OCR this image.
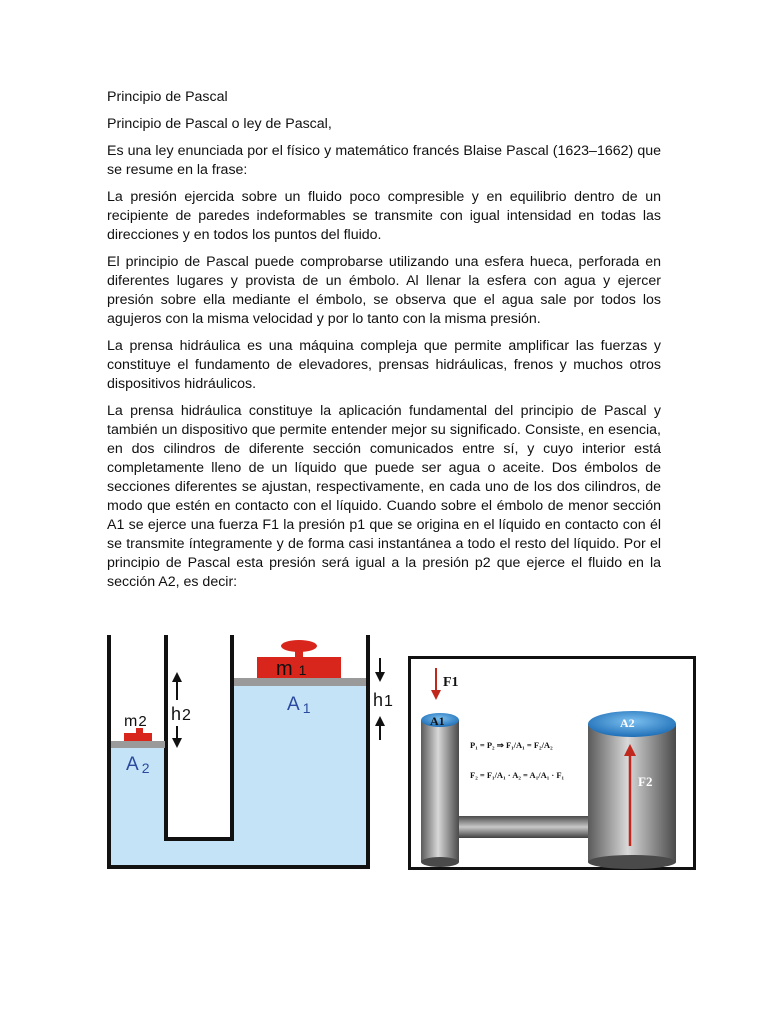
Principio de Pascal

Principio de Pascal o ley de Pascal,

Es una ley enunciada por el físico y matemático francés Blaise Pascal (1623–1662) que se resume en la frase:

La presión ejercida sobre un fluido poco compresible y en equilibrio dentro de un recipiente de paredes indeformables se transmite con igual intensidad en todas las direcciones y en todos los puntos del fluido.

El principio de Pascal puede comprobarse utilizando una esfera hueca, perforada en diferentes lugares y provista de un émbolo. Al llenar la esfera con agua y ejercer presión sobre ella mediante el émbolo, se observa que el agua sale por todos los agujeros con la misma velocidad y por lo tanto con la misma presión.

La prensa hidráulica es una máquina compleja que permite amplificar las fuerzas y constituye el fundamento de elevadores, prensas hidráulicas, frenos y muchos otros dispositivos hidráulicos.

La prensa hidráulica constituye la aplicación fundamental del principio de Pascal y también un dispositivo que permite entender mejor su significado. Consiste, en esencia, en dos cilindros de diferente sección comunicados entre sí, y cuyo interior está completamente lleno de un líquido que puede ser agua o aceite. Dos émbolos de secciones diferentes se ajustan, respectivamente, en cada uno de los dos cilindros, de modo que estén en contacto con el líquido. Cuando sobre el émbolo de menor sección A1 se ejerce una fuerza F1 la presión p1 que se origina en el líquido en contacto con él se transmite íntegramente y de forma casi instantánea a todo el resto del líquido. Por el principio de Pascal esta presión será igual a la presión p2 que ejerce el fluido en la sección A2, es decir:

m 1
m2
A 1
A 2
h2
h1
A1	A2
F1
F2
P₁ = P₂ ⇒ F₁/A₁ = F₂/A₂
F₂ = F₁/A₁ · A₂ = A₁/A₁ · F₁
